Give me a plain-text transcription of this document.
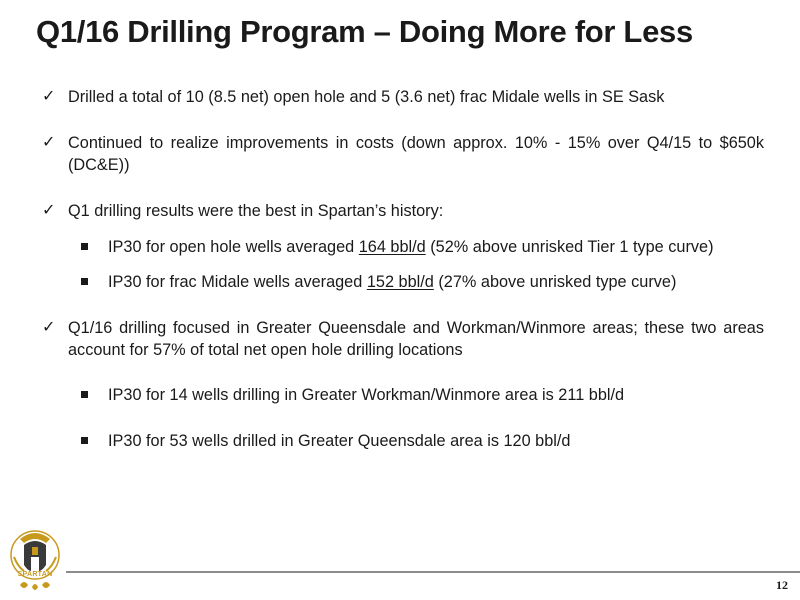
Q1/16 Drilling Program – Doing More for Less
✓ Drilled a total of 10 (8.5 net) open hole and 5 (3.6 net) frac Midale wells in SE Sask
✓ Continued to realize improvements in costs (down approx. 10% - 15% over Q4/15 to $650k (DC&E))
✓ Q1 drilling results were the best in Spartan’s history:
IP30 for open hole wells averaged 164 bbl/d (52% above unrisked Tier 1 type curve)
IP30 for frac Midale wells averaged 152 bbl/d (27% above unrisked type curve)
✓ Q1/16 drilling focused in Greater Queensdale and Workman/Winmore areas; these two areas account for 57% of total net open hole drilling locations
IP30 for 14 wells drilling in Greater Workman/Winmore area is 211 bbl/d
IP30 for 53 wells drilled in Greater Queensdale area is 120 bbl/d
SPARTAN
12
